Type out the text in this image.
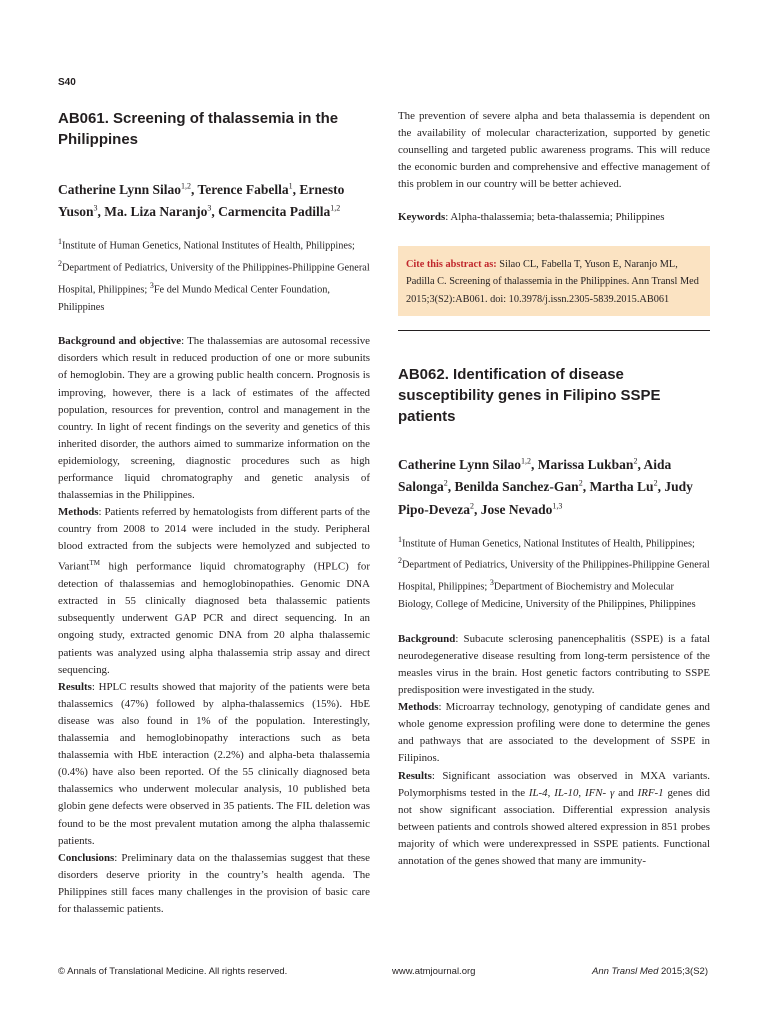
S40
AB061. Screening of thalassemia in the Philippines

Catherine Lynn Silao$^{1,2}$, Terence Fabella$^1$, Ernesto Yuson$^3$, Ma. Liza Naranjo$^3$, Carmencita Padilla$^{1,2}$

$^1$Institute of Human Genetics, National Institutes of Health, Philippines; $^2$Department of Pediatrics, University of the Philippines-Philippine General Hospital, Philippines; $^3$Fe del Mundo Medical Center Foundation, Philippines

Background and objective: The thalassemias are autosomal recessive disorders which result in reduced production of one or more subunits of hemoglobin. They are a growing public health concern. Prognosis is improving, however, there is a lack of estimates of the affected population, resources for prevention, control and management in the country. In light of recent findings on the severity and genetics of this inherited disorder, the authors aimed to summarize information on the epidemiology, screening, diagnostic procedures such as high performance liquid chromatography and genetic analysis of thalassemias in the Philippines.

Methods: Patients referred by hematologists from different parts of the country from 2008 to 2014 were included in the study. Peripheral blood extracted from the subjects were hemolyzed and subjected to Variant™ high performance liquid chromatography (HPLC) for detection of thalassemias and hemoglobinopathies. Genomic DNA extracted in 55 clinically diagnosed beta thalassemic patients subsequently underwent GAP PCR and direct sequencing. In an ongoing study, extracted genomic DNA from 20 alpha thalassemic patients was analyzed using alpha thalassemia strip assay and direct sequencing.

Results: HPLC results showed that majority of the patients were beta thalassemics (47%) followed by alpha-thalassemics (15%). HbE disease was also found in 1% of the population. Interestingly, thalassemia and hemoglobinopathy interactions such as beta thalassemia with HbE interaction (2.2%) and alpha-beta thalassemia (0.4%) have also been reported. Of the 55 clinically diagnosed beta thalassemics who underwent molecular analysis, 10 published beta globin gene defects were observed in 35 patients. The FIL deletion was found to be the most prevalent mutation among the alpha thalassemic patients.

Conclusions: Preliminary data on the thalassemias suggest that these disorders deserve priority in the country’s health agenda. The Philippines still faces many challenges in the provision of basic care for thalassemic patients.

The prevention of severe alpha and beta thalassemia is dependent on the availability of molecular characterization, supported by genetic counselling and targeted public awareness programs. This will reduce the economic burden and comprehensive and effective management of this problem in our country will be better achieved.

Keywords: Alpha-thalassemia; beta-thalassemia; Philippines

Cite this abstract as: Silao CL, Fabella T, Yuson E, Naranjo ML, Padilla C. Screening of thalassemia in the Philippines. Ann Transl Med 2015;3(S2):AB061. doi: 10.3978/j.issn.2305-5839.2015.AB061
AB062. Identification of disease susceptibility genes in Filipino SSPE patients

Catherine Lynn Silao$^{1,2}$, Marissa Lukban$^2$, Aida Salonga$^2$, Benilda Sanchez-Gan$^2$, Martha Lu$^2$, Judy Pipo-Deveza$^2$, Jose Nevado$^{1,3}$

$^1$Institute of Human Genetics, National Institutes of Health, Philippines; $^2$Department of Pediatrics, University of the Philippines-Philippine General Hospital, Philippines; $^3$Department of Biochemistry and Molecular Biology, College of Medicine, University of the Philippines, Philippines

Background: Subacute sclerosing panencephalitis (SSPE) is a fatal neurodegenerative disease resulting from long-term persistence of the measles virus in the brain. Host genetic factors contributing to SSPE predisposition were investigated in the study.

Methods: Microarray technology, genotyping of candidate genes and whole genome expression profiling were done to determine the genes and pathways that are associated to the development of SSPE in Filipinos.

Results: Significant association was observed in MXA variants. Polymorphisms tested in the IL-4, IL-10, IFN- γ and IRF-1 genes did not show significant association. Differential expression analysis between patients and controls showed altered expression in 851 probes majority of which were underexpressed in SSPE patients. Functional annotation of the genes showed that many are immunity-

© Annals of Translational Medicine. All rights reserved.	www.atmjournal.org	Ann Transl Med 2015;3(S2)
